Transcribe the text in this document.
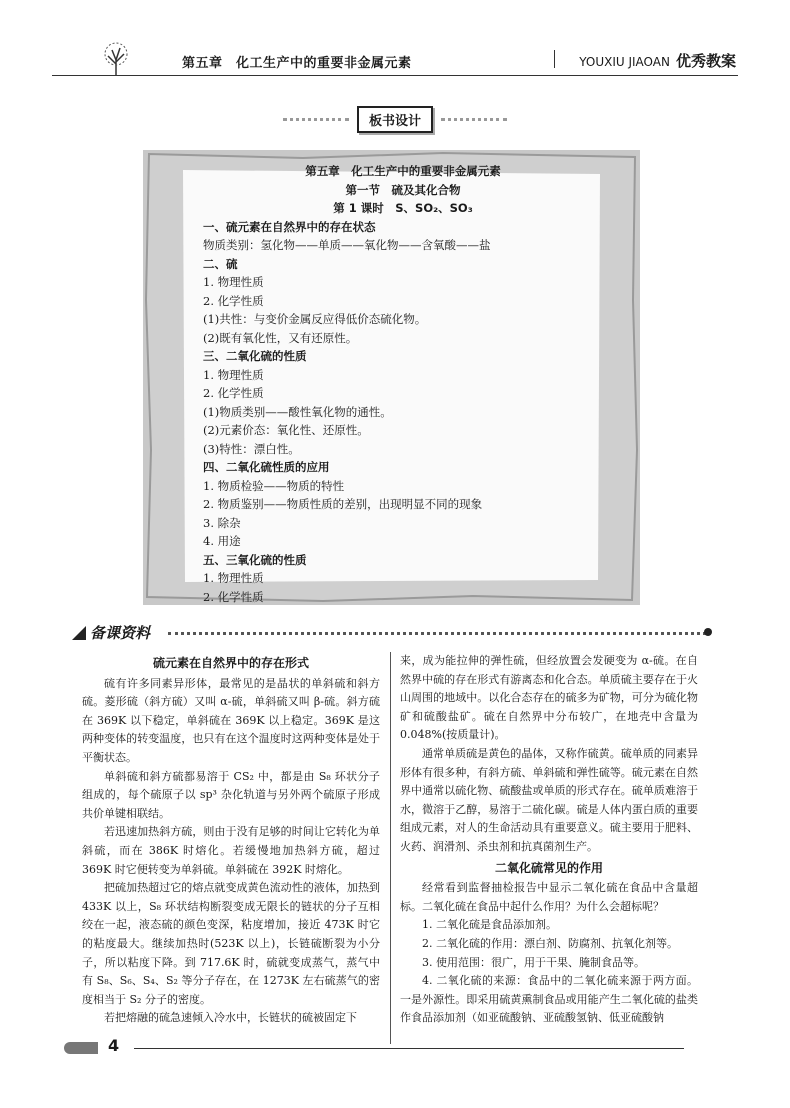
第五章　化工生产中的重要非金属元素	YOUXIU JIAOAN 优秀教案
板书设计
第五章　化工生产中的重要非金属元素
第一节　硫及其化合物
第 1 课时　S、SO₂、SO₃
一、硫元素在自然界中的存在状态
物质类别：氢化物——单质——氧化物——含氧酸——盐
二、硫
1. 物理性质
2. 化学性质
(1)共性：与变价金属反应得低价态硫化物。
(2)既有氧化性，又有还原性。
三、二氧化硫的性质
1. 物理性质
2. 化学性质
(1)物质类别——酸性氧化物的通性。
(2)元素价态：氧化性、还原性。
(3)特性：漂白性。
四、二氧化硫性质的应用
1. 物质检验——物质的特性
2. 物质鉴别——物质性质的差别，出现明显不同的现象
3. 除杂
4. 用途
五、三氧化硫的性质
1. 物理性质
2. 化学性质
备课资料

硫元素在自然界中的存在形式

硫有许多同素异形体，最常见的是晶状的单斜硫和斜方硫。菱形硫（斜方硫）又叫 α-硫，单斜硫又叫 β-硫。斜方硫在 369K 以下稳定，单斜硫在 369K 以上稳定。369K 是这两种变体的转变温度，也只有在这个温度时这两种变体是处于平衡状态。

单斜硫和斜方硫都易溶于 CS₂ 中，都是由 S₈ 环状分子组成的，每个硫原子以 sp³ 杂化轨道与另外两个硫原子形成共价单键相联结。

若迅速加热斜方硫，则由于没有足够的时间让它转化为单斜硫，而在 386K 时熔化。若缓慢地加热斜方硫，超过 369K 时它便转变为单斜硫。单斜硫在 392K 时熔化。

把硫加热超过它的熔点就变成黄色流动性的液体，加热到 433K 以上，S₈ 环状结构断裂变成无限长的链状的分子互相绞在一起，液态硫的颜色变深，粘度增加，接近 473K 时它的粘度最大。继续加热时(523K 以上)，长链硫断裂为小分子，所以粘度下降。到 717.6K 时，硫就变成蒸气，蒸气中有 S₈、S₆、S₄、S₂ 等分子存在，在 1273K 左右硫蒸气的密度相当于 S₂ 分子的密度。

若把熔融的硫急速倾入冷水中，长链状的硫被固定下

来，成为能拉伸的弹性硫，但经放置会发硬变为 α-硫。在自然界中硫的存在形式有游离态和化合态。单质硫主要存在于火山周围的地域中。以化合态存在的硫多为矿物，可分为硫化物矿和硫酸盐矿。硫在自然界中分布较广，在地壳中含量为 0.048%(按质量计)。

通常单质硫是黄色的晶体，又称作硫黄。硫单质的同素异形体有很多种，有斜方硫、单斜硫和弹性硫等。硫元素在自然界中通常以硫化物、硫酸盐或单质的形式存在。硫单质难溶于水，微溶于乙醇，易溶于二硫化碳。硫是人体内蛋白质的重要组成元素，对人的生命活动具有重要意义。硫主要用于肥料、火药、润滑剂、杀虫剂和抗真菌剂生产。

二氧化硫常见的作用

经常看到监督抽检报告中显示二氧化硫在食品中含量超标。二氧化硫在食品中起什么作用？为什么会超标呢？

1. 二氧化硫是食品添加剂。

2. 二氧化硫的作用：漂白剂、防腐剂、抗氧化剂等。

3. 使用范围：很广，用于干果、腌制食品等。

4. 二氧化硫的来源：食品中的二氧化硫来源于两方面。一是外源性。即采用硫黄熏制食品或用能产生二氧化硫的盐类作食品添加剂（如亚硫酸钠、亚硫酸氢钠、低亚硫酸钠

4
